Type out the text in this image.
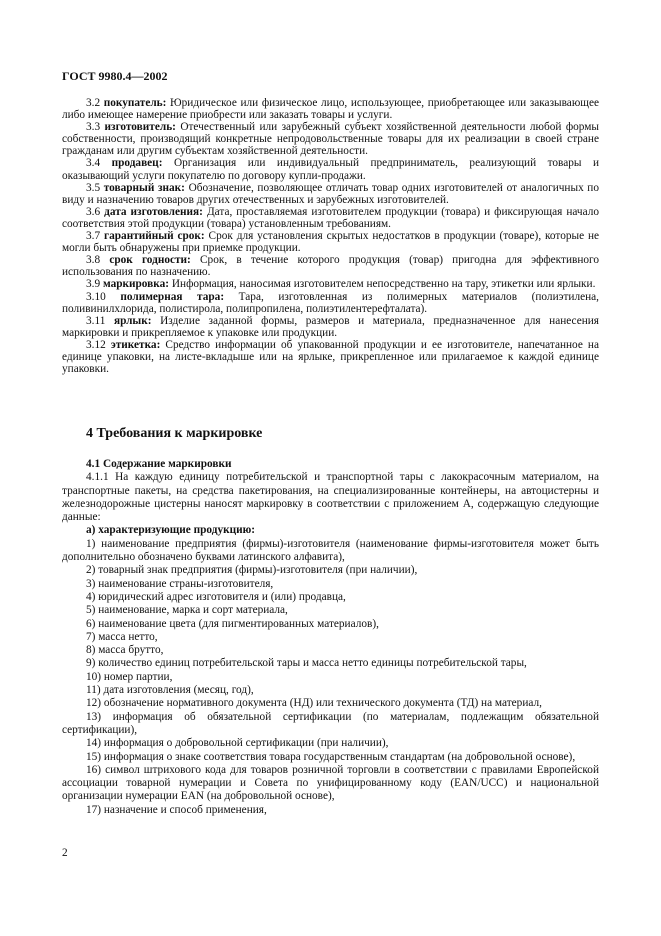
ГОСТ 9980.4—2002

3.2 покупатель: Юридическое или физическое лицо, использующее, приобретающее или заказывающее либо имеющее намерение приобрести или заказать товары и услуги.

3.3 изготовитель: Отечественный или зарубежный субъект хозяйственной деятельности любой формы собственности, производящий конкретные непродовольственные товары для их реализации в своей стране гражданам или другим субъектам хозяйственной деятельности.

3.4 продавец: Организация или индивидуальный предприниматель, реализующий товары и оказывающий услуги покупателю по договору купли-продажи.

3.5 товарный знак: Обозначение, позволяющее отличать товар одних изготовителей от аналогичных по виду и назначению товаров других отечественных и зарубежных изготовителей.

3.6 дата изготовления: Дата, проставляемая изготовителем продукции (товара) и фиксирующая начало соответствия этой продукции (товара) установленным требованиям.

3.7 гарантийный срок: Срок для установления скрытых недостатков в продукции (товаре), которые не могли быть обнаружены при приемке продукции.

3.8 срок годности: Срок, в течение которого продукция (товар) пригодна для эффективного использования по назначению.

3.9 маркировка: Информация, наносимая изготовителем непосредственно на тару, этикетки или ярлыки.

3.10 полимерная тара: Тара, изготовленная из полимерных материалов (полиэтилена, поливинилхлорида, полистирола, полипропилена, полиэтилентерефталата).

3.11 ярлык: Изделие заданной формы, размеров и материала, предназначенное для нанесения маркировки и прикрепляемое к упаковке или продукции.

3.12 этикетка: Средство информации об упакованной продукции и ее изготовителе, напечатанное на единице упаковки, на листе-вкладыше или на ярлыке, прикрепленное или прилагаемое к каждой единице упаковки.

4 Требования к маркировке

4.1 Содержание маркировки

4.1.1 На каждую единицу потребительской и транспортной тары с лакокрасочным материалом, на транспортные пакеты, на средства пакетирования, на специализированные контейнеры, на автоцистерны и железнодорожные цистерны наносят маркировку в соответствии с приложением А, содержащую следующие данные:

а) характеризующие продукцию:

1) наименование предприятия (фирмы)-изготовителя (наименование фирмы-изготовителя может быть дополнительно обозначено буквами латинского алфавита),

2) товарный знак предприятия (фирмы)-изготовителя (при наличии),

3) наименование страны-изготовителя,

4) юридический адрес изготовителя и (или) продавца,

5) наименование, марка и сорт материала,

6) наименование цвета (для пигментированных материалов),

7) масса нетто,

8) масса брутто,

9) количество единиц потребительской тары и масса нетто единицы потребительской тары,

10) номер партии,

11) дата изготовления (месяц, год),

12) обозначение нормативного документа (НД) или технического документа (ТД) на материал,

13) информация об обязательной сертификации (по материалам, подлежащим обязательной сертификации),

14) информация о добровольной сертификации (при наличии),

15) информация о знаке соответствия товара государственным стандартам (на добровольной основе),

16) символ штрихового кода для товаров розничной торговли в соответствии с правилами Европейской ассоциации товарной нумерации и Совета по унифицированному коду (EAN/UCC) и национальной организации нумерации EAN (на добровольной основе),

17) назначение и способ применения,

2
